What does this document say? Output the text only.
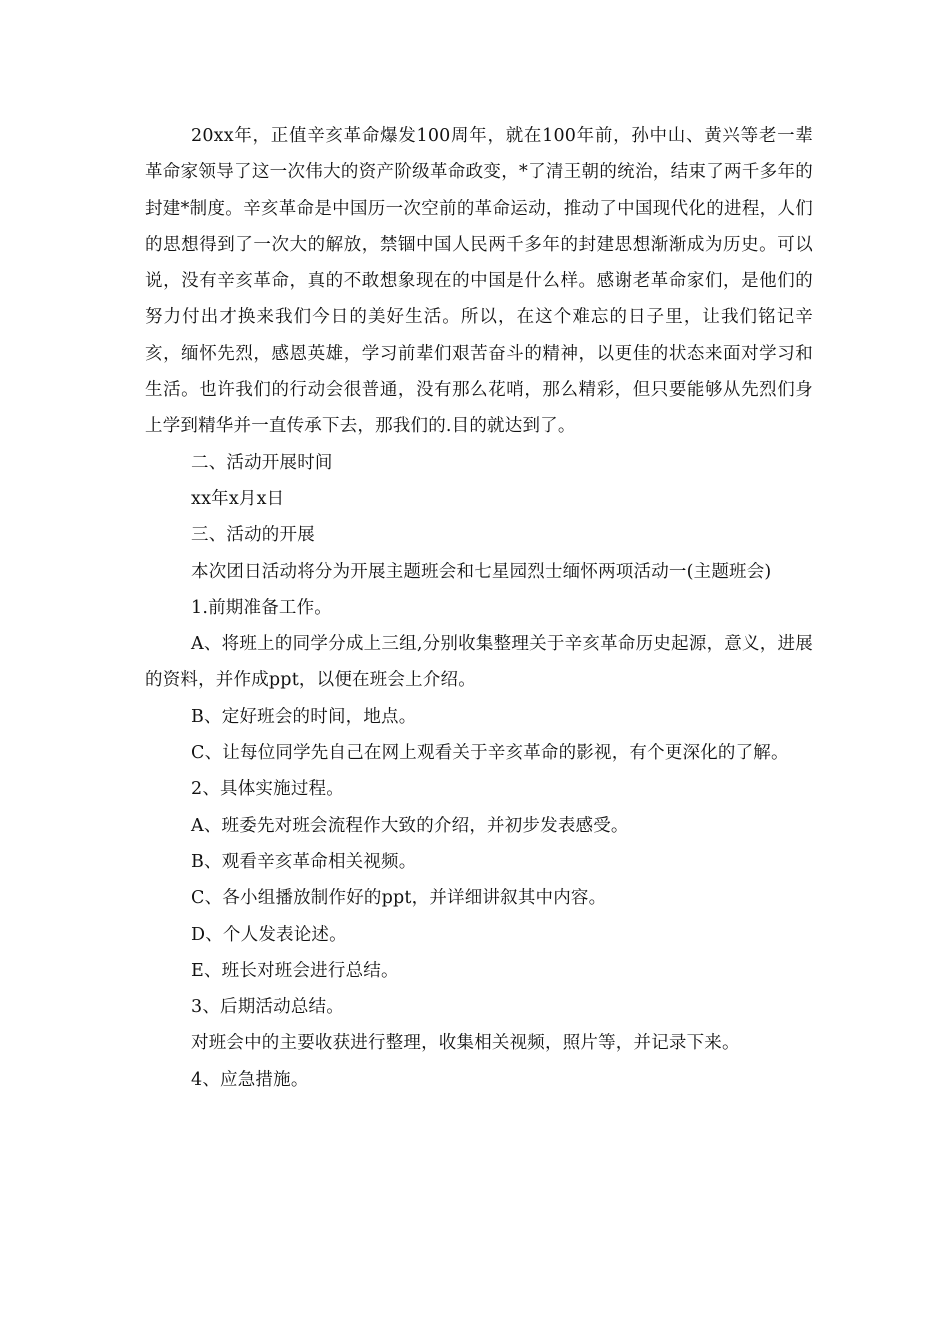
20xx年，正值辛亥革命爆发100周年，就在100年前，孙中山、黄兴等老一辈革命家领导了这一次伟大的资产阶级革命政变，*了清王朝的统治，结束了两千多年的封建*制度。辛亥革命是中国历一次空前的革命运动，推动了中国现代化的进程，人们的思想得到了一次大的解放，禁锢中国人民两千多年的封建思想渐渐成为历史。可以说，没有辛亥革命，真的不敢想象现在的中国是什么样。感谢老革命家们，是他们的努力付出才换来我们今日的美好生活。所以，在这个难忘的日子里，让我们铭记辛亥，缅怀先烈，感恩英雄，学习前辈们艰苦奋斗的精神，以更佳的状态来面对学习和生活。也许我们的行动会很普通，没有那么花哨，那么精彩，但只要能够从先烈们身上学到精华并一直传承下去，那我们的.目的就达到了。

二、活动开展时间

xx年x月x日

三、活动的开展

本次团日活动将分为开展主题班会和七星园烈士缅怀两项活动一(主题班会)

1.前期准备工作。

A、将班上的同学分成上三组,分别收集整理关于辛亥革命历史起源，意义，进展的资料，并作成ppt，以便在班会上介绍。

B、定好班会的时间，地点。

C、让每位同学先自己在网上观看关于辛亥革命的影视，有个更深化的了解。

2、具体实施过程。

A、班委先对班会流程作大致的介绍，并初步发表感受。

B、观看辛亥革命相关视频。

C、各小组播放制作好的ppt，并详细讲叙其中内容。

D、个人发表论述。

E、班长对班会进行总结。

3、后期活动总结。

对班会中的主要收获进行整理，收集相关视频，照片等，并记录下来。

4、应急措施。
